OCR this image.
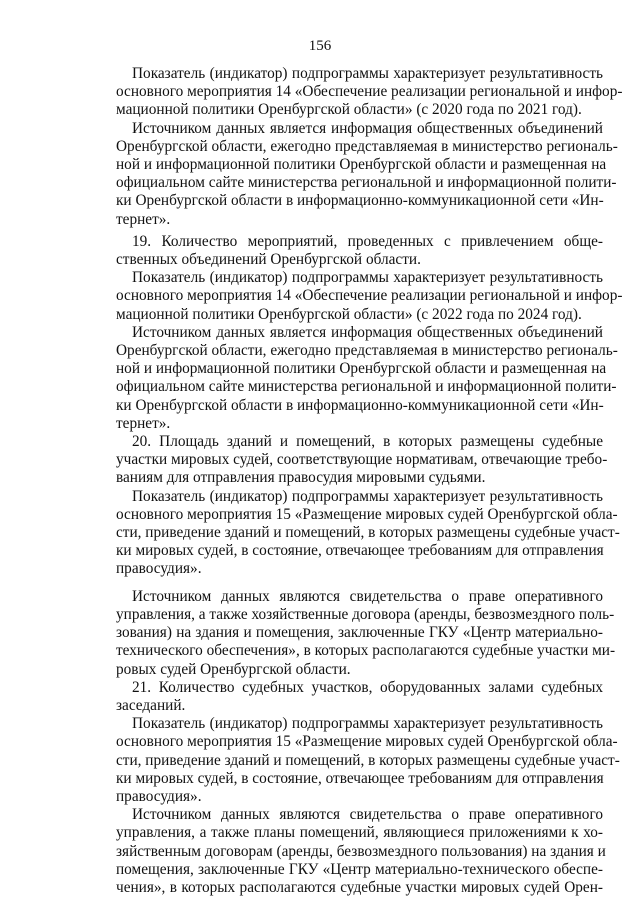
156
Показатель (индикатор) подпрограммы характеризует результативность
основного мероприятия 14 «Обеспечение реализации региональной и инфор-
мационной политики Оренбургской области» (с 2020 года по 2021 год).
Источником данных является информация общественных объединений
Оренбургской области, ежегодно представляемая в министерство региональ-
ной и информационной политики Оренбургской области и размещенная на
официальном сайте министерства региональной и информационной полити-
ки Оренбургской области в информационно-коммуникационной сети «Ин-
тернет».
19. Количество мероприятий, проведенных с привлечением обще-
ственных объединений Оренбургской области.
Показатель (индикатор) подпрограммы характеризует результативность
основного мероприятия 14 «Обеспечение реализации региональной и инфор-
мационной политики Оренбургской области» (с 2022 года по 2024 год).
Источником данных является информация общественных объединений
Оренбургской области, ежегодно представляемая в министерство региональ-
ной и информационной политики Оренбургской области и размещенная на
официальном сайте министерства региональной и информационной полити-
ки Оренбургской области в информационно-коммуникационной сети «Ин-
тернет».
20. Площадь зданий и помещений, в которых размещены судебные
участки мировых судей, соответствующие нормативам, отвечающие требо-
ваниям для отправления правосудия мировыми судьями.
Показатель (индикатор) подпрограммы характеризует результативность
основного мероприятия 15 «Размещение мировых судей Оренбургской обла-
сти, приведение зданий и помещений, в которых размещены судебные участ-
ки мировых судей, в состояние, отвечающее требованиям для отправления
правосудия».
Источником данных являются свидетельства о праве оперативного
управления, а также хозяйственные договора (аренды, безвозмездного поль-
зования) на здания и помещения, заключенные ГКУ «Центр материально-
технического обеспечения», в которых располагаются судебные участки ми-
ровых судей Оренбургской области.
21. Количество судебных участков, оборудованных залами судебных
заседаний.
Показатель (индикатор) подпрограммы характеризует результативность
основного мероприятия 15 «Размещение мировых судей Оренбургской обла-
сти, приведение зданий и помещений, в которых размещены судебные участ-
ки мировых судей, в состояние, отвечающее требованиям для отправления
правосудия».
Источником данных являются свидетельства о праве оперативного
управления, а также планы помещений, являющиеся приложениями к хо-
зяйственным договорам (аренды, безвозмездного пользования) на здания и
помещения, заключенные ГКУ «Центр материально-технического обеспе-
чения», в которых располагаются судебные участки мировых судей Орен-
